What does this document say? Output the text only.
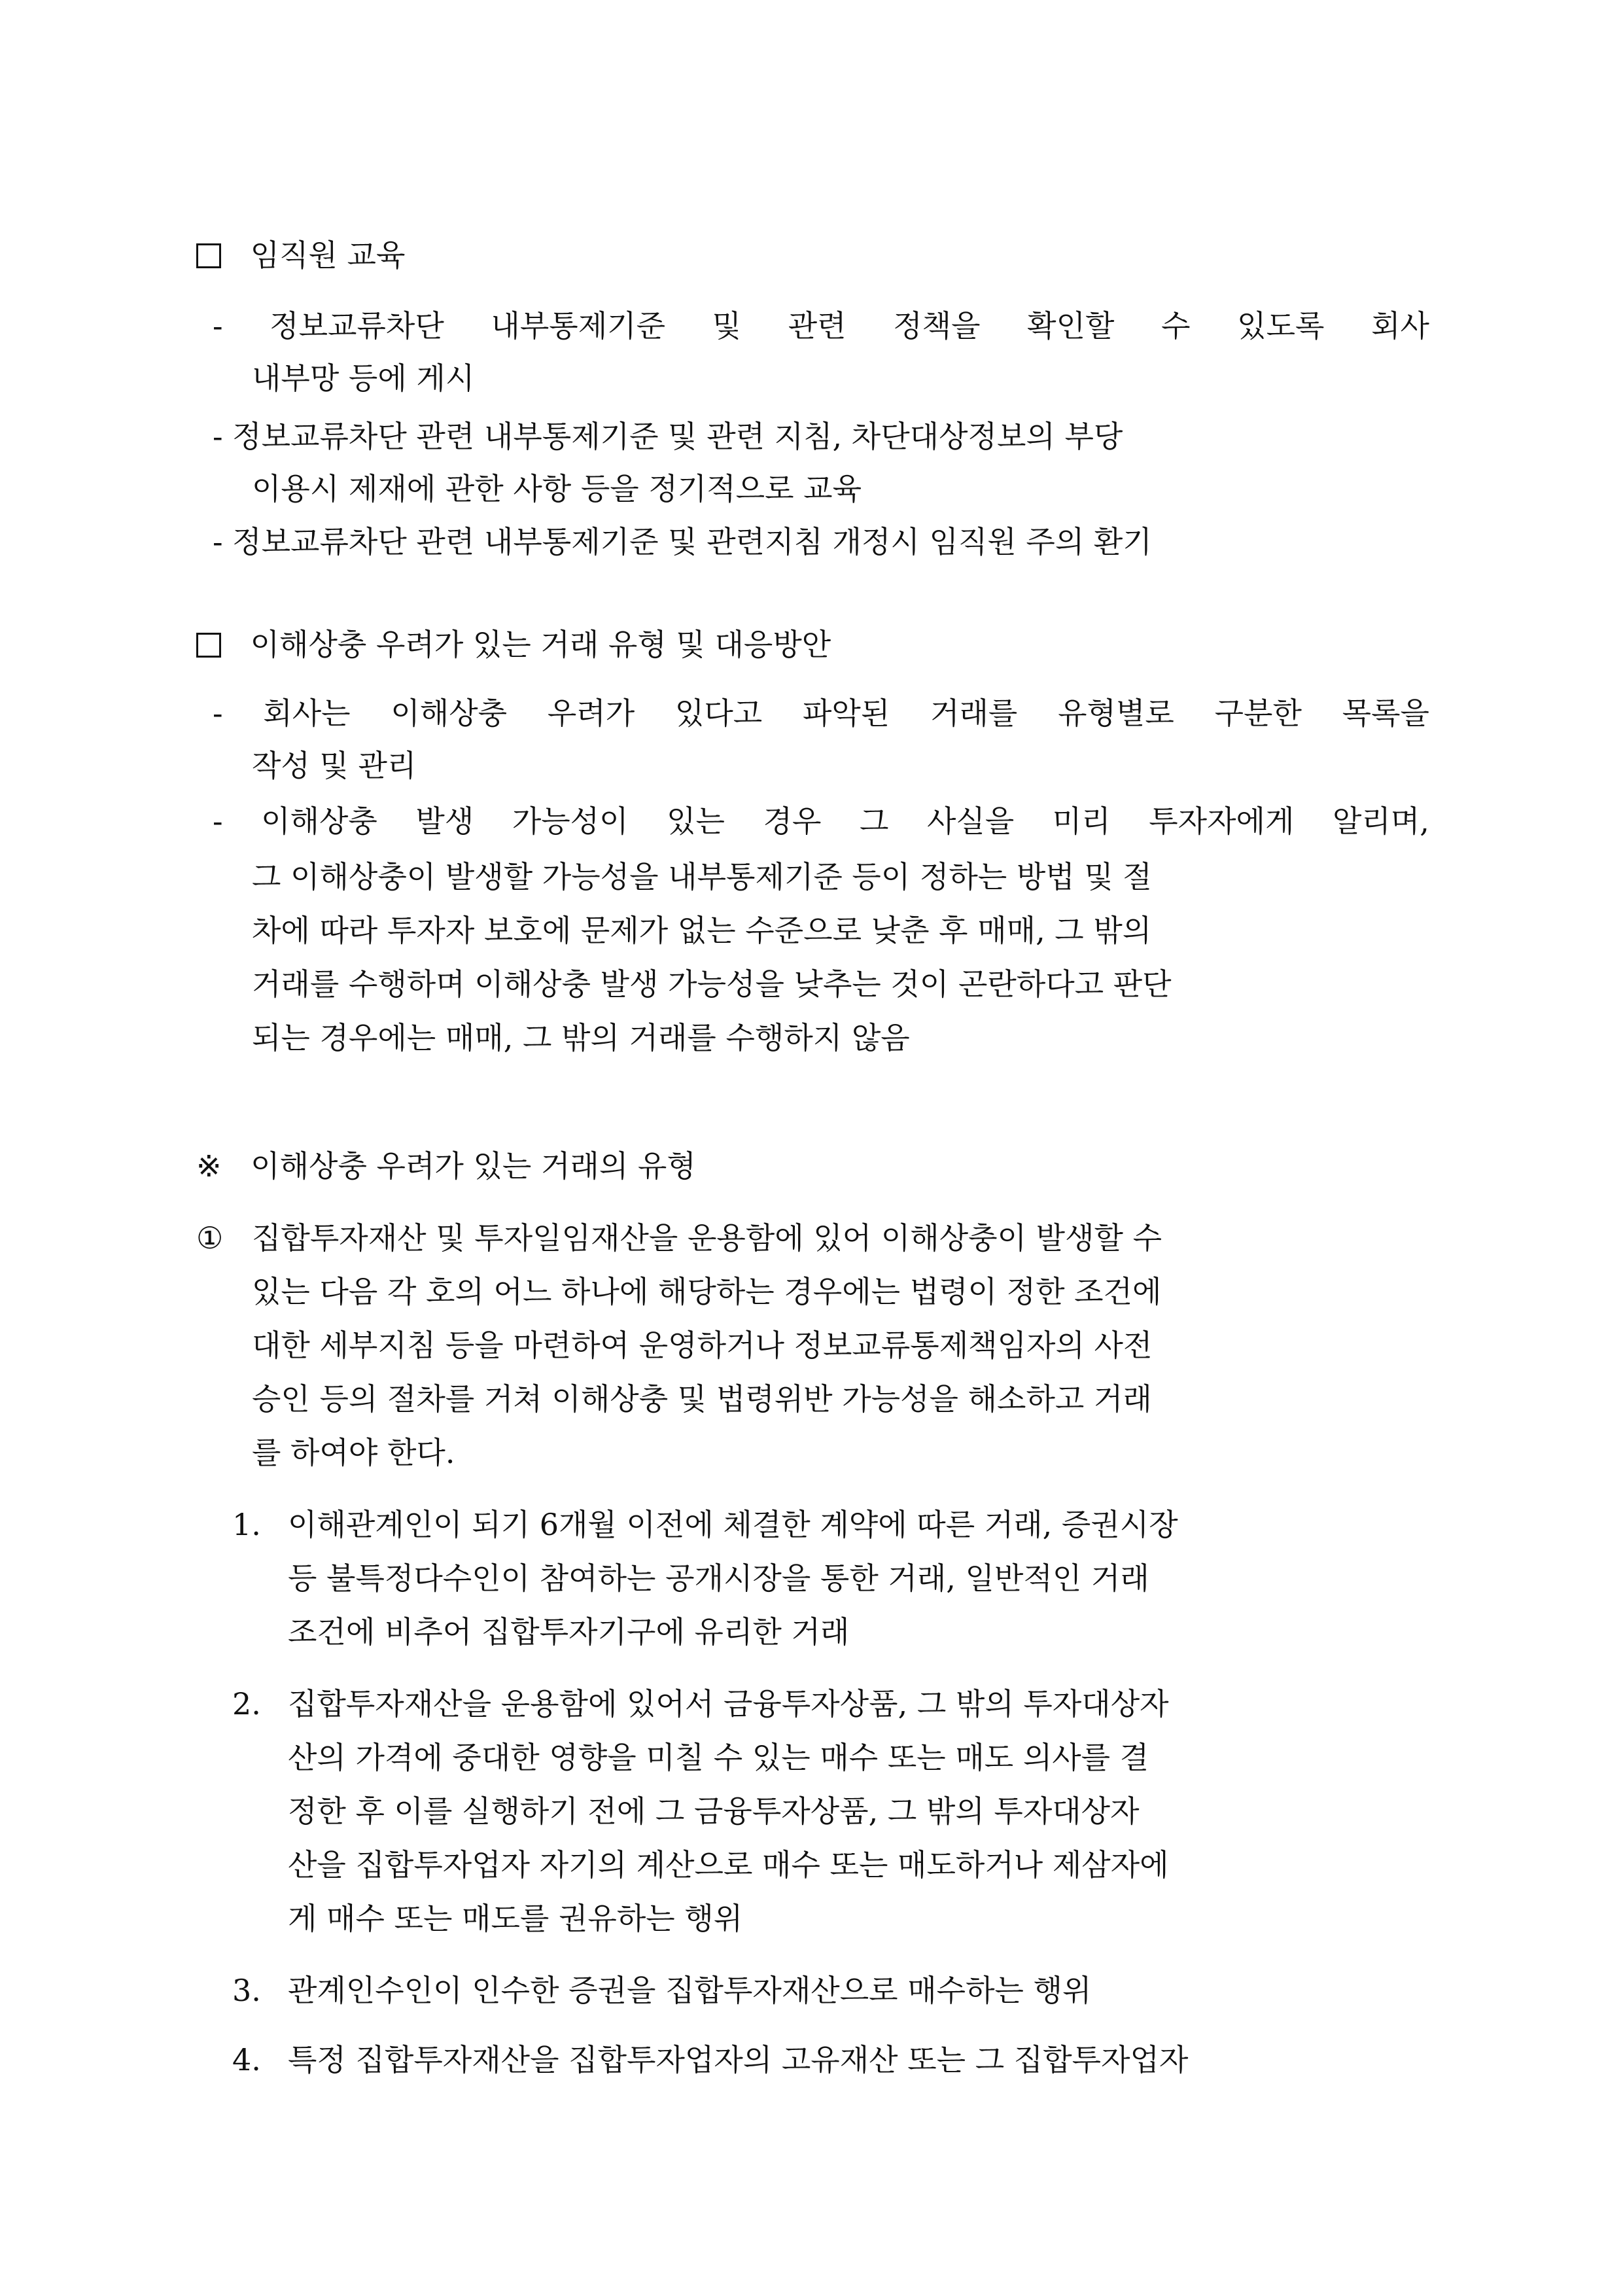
임직원 교육
- 정보교류차단 내부통제기준 및 관련 정책을 확인할 수 있도록 회사
내부망 등에 게시
- 정보교류차단 관련 내부통제기준 및 관련 지침, 차단대상정보의 부당
이용시 제재에 관한 사항 등을 정기적으로 교육
- 정보교류차단 관련 내부통제기준 및 관련지침 개정시 임직원 주의 환기
이해상충 우려가 있는 거래 유형 및 대응방안
- 회사는 이해상충 우려가 있다고 파악된 거래를 유형별로 구분한 목록을
작성 및 관리
- 이해상충 발생 가능성이 있는 경우 그 사실을 미리 투자자에게 알리며,
그 이해상충이 발생할 가능성을 내부통제기준 등이 정하는 방법 및 절
차에 따라 투자자 보호에 문제가 없는 수준으로 낮춘 후 매매, 그 밖의
거래를 수행하며 이해상충 발생 가능성을 낮추는 것이 곤란하다고 판단
되는 경우에는 매매, 그 밖의 거래를 수행하지 않음
※ 이해상충 우려가 있는 거래의 유형
① 집합투자재산 및 투자일임재산을 운용함에 있어 이해상충이 발생할 수
있는 다음 각 호의 어느 하나에 해당하는 경우에는 법령이 정한 조건에
대한 세부지침 등을 마련하여 운영하거나 정보교류통제책임자의 사전
승인 등의 절차를 거쳐 이해상충 및 법령위반 가능성을 해소하고 거래
를 하여야 한다.
1. 이해관계인이 되기 6개월 이전에 체결한 계약에 따른 거래, 증권시장
등 불특정다수인이 참여하는 공개시장을 통한 거래, 일반적인 거래
조건에 비추어 집합투자기구에 유리한 거래
2. 집합투자재산을 운용함에 있어서 금융투자상품, 그 밖의 투자대상자
산의 가격에 중대한 영향을 미칠 수 있는 매수 또는 매도 의사를 결
정한 후 이를 실행하기 전에 그 금융투자상품, 그 밖의 투자대상자
산을 집합투자업자 자기의 계산으로 매수 또는 매도하거나 제삼자에
게 매수 또는 매도를 권유하는 행위
3. 관계인수인이 인수한 증권을 집합투자재산으로 매수하는 행위
4. 특정 집합투자재산을 집합투자업자의 고유재산 또는 그 집합투자업자
